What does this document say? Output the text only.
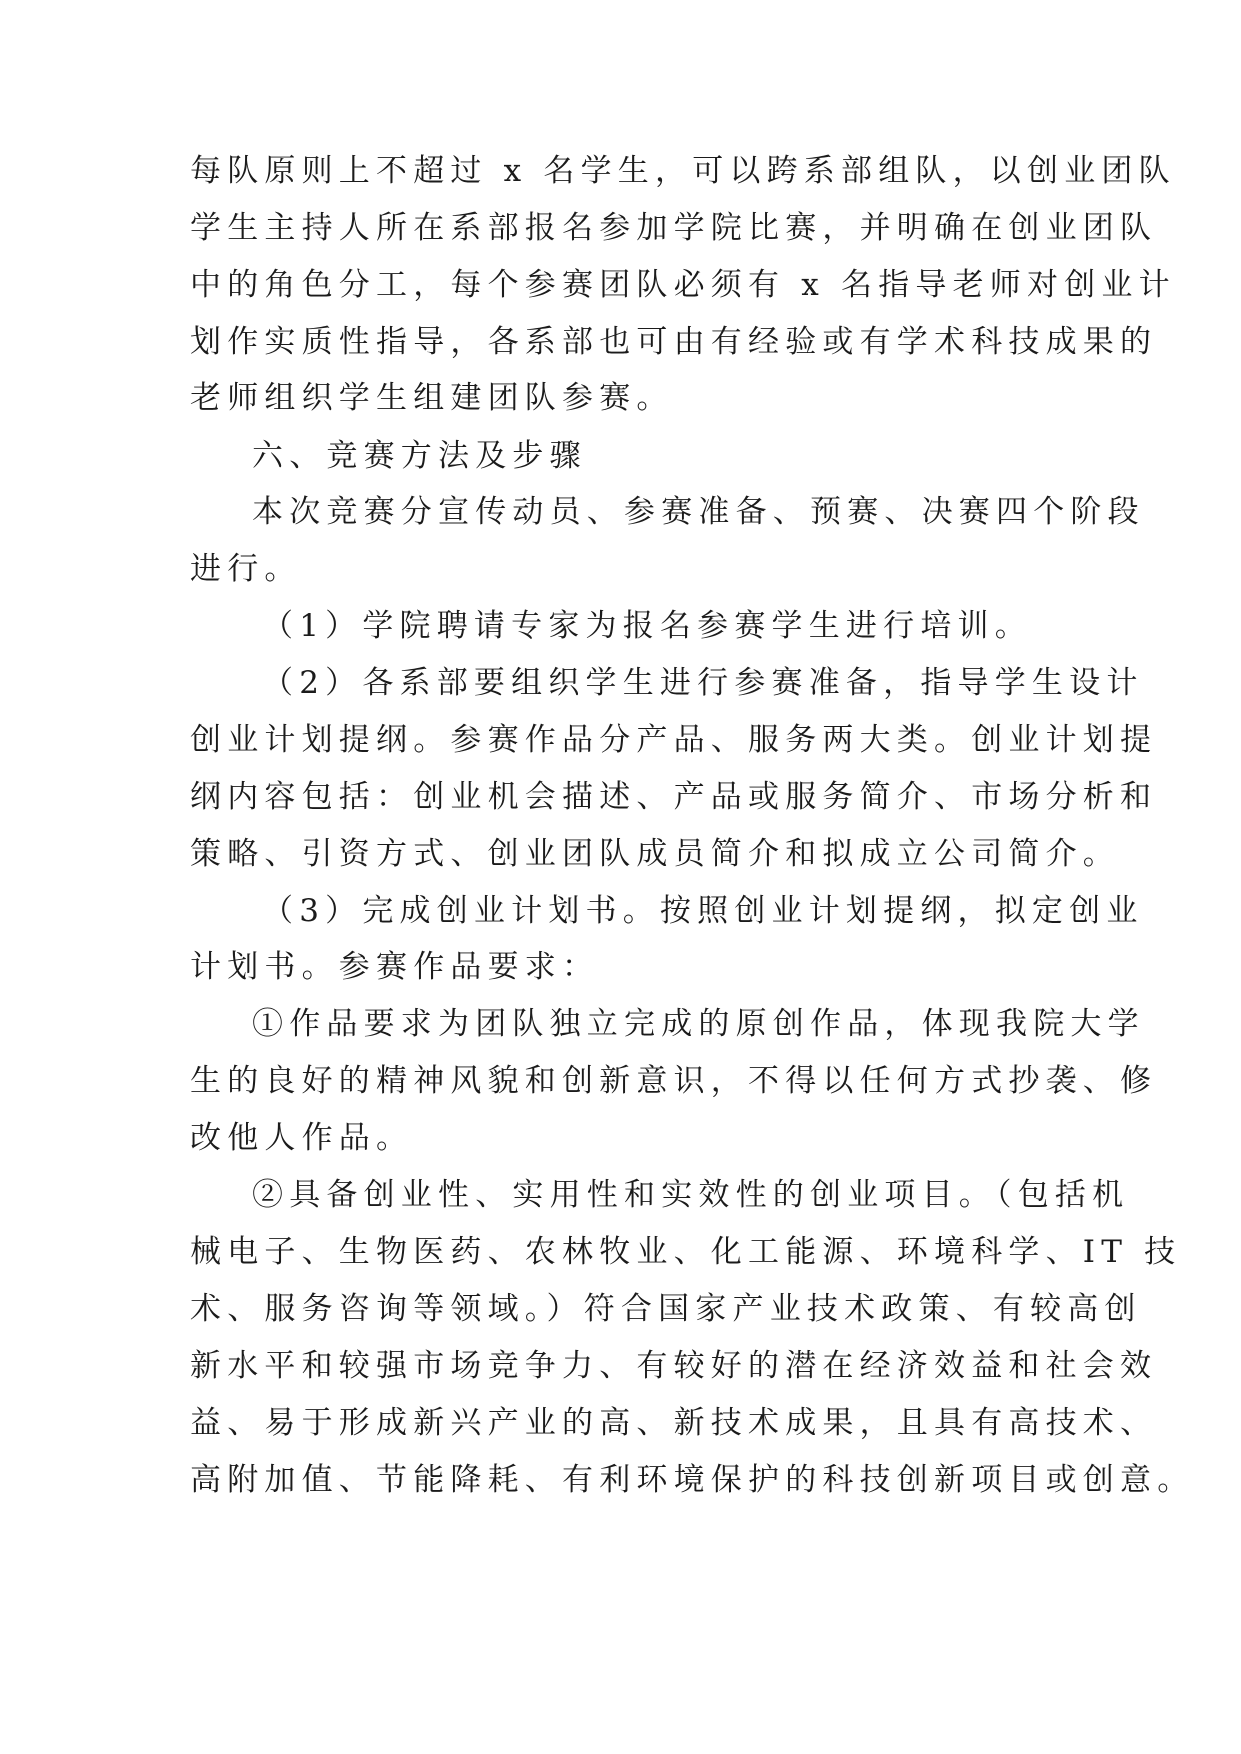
每队原则上不超过 x 名学生，可以跨系部组队，以创业团队

学生主持人所在系部报名参加学院比赛，并明确在创业团队

中的角色分工，每个参赛团队必须有 x 名指导老师对创业计

划作实质性指导，各系部也可由有经验或有学术科技成果的

老师组织学生组建团队参赛。

六、竞赛方法及步骤

本次竞赛分宣传动员、参赛准备、预赛、决赛四个阶段

进行。

（1）学院聘请专家为报名参赛学生进行培训。

（2）各系部要组织学生进行参赛准备，指导学生设计

创业计划提纲。参赛作品分产品、服务两大类。创业计划提

纲内容包括：创业机会描述、产品或服务简介、市场分析和

策略、引资方式、创业团队成员简介和拟成立公司简介。

（3）完成创业计划书。按照创业计划提纲，拟定创业

计划书。参赛作品要求：

①作品要求为团队独立完成的原创作品，体现我院大学

生的良好的精神风貌和创新意识，不得以任何方式抄袭、修

改他人作品。

②具备创业性、实用性和实效性的创业项目。（包括机

械电子、生物医药、农林牧业、化工能源、环境科学、IT 技

术、服务咨询等领域。）符合国家产业技术政策、有较高创

新水平和较强市场竞争力、有较好的潜在经济效益和社会效

益、易于形成新兴产业的高、新技术成果，且具有高技术、

高附加值、节能降耗、有利环境保护的科技创新项目或创意。
